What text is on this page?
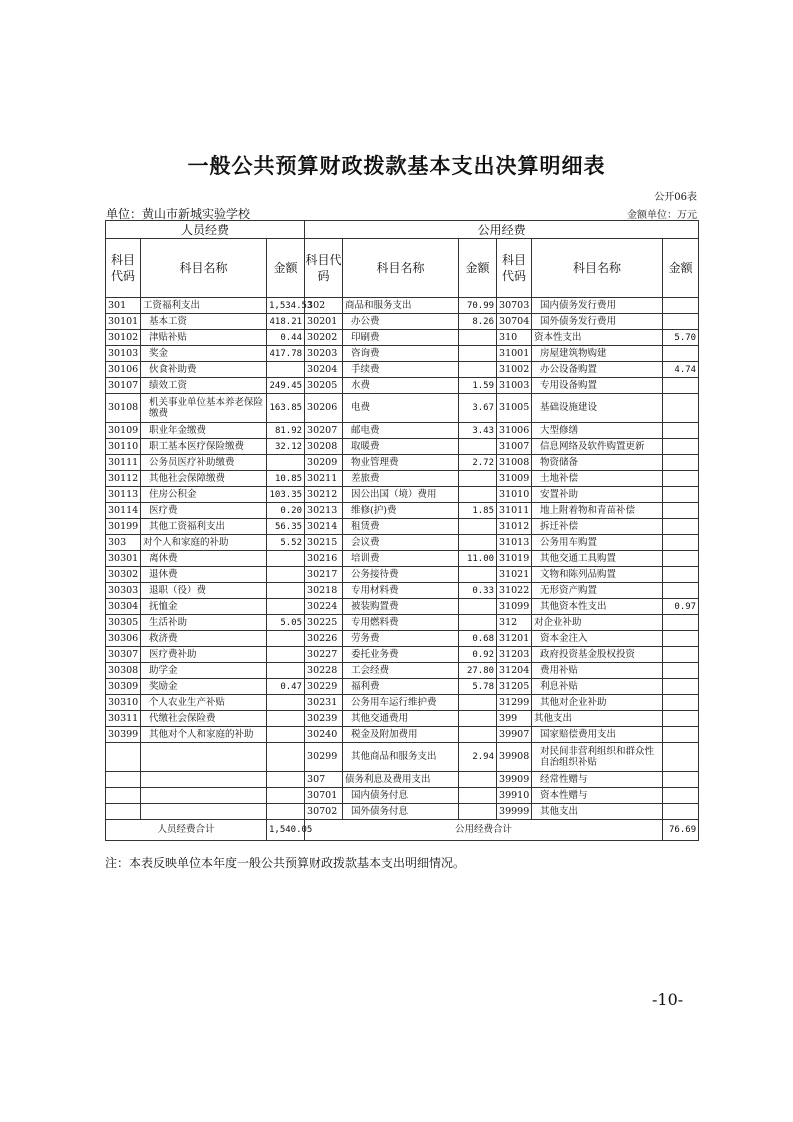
一般公共预算财政拨款基本支出决算明细表
公开06表
单位：黄山市新城实验学校	金额单位：万元
人员经费			公用经费					
科目代码	科目名称	金额	科目代码	科目名称	金额	科目代码	科目名称	金额
301	工资福利支出	1,534.53	302	商品和服务支出	70.99	30703	国内债务发行费用	
30101	基本工资	418.21	30201	办公费	8.26	30704	国外债务发行费用	
30102	津贴补贴	0.44	30202	印刷费		310	资本性支出	5.70
30103	奖金	417.78	30203	咨询费		31001	房屋建筑物购建	
30106	伙食补助费		30204	手续费		31002	办公设备购置	4.74
30107	绩效工资	249.45	30205	水费	1.59	31003	专用设备购置	
30108	机关事业单位基本养老保险缴费	163.85	30206	电费	3.67	31005	基础设施建设	
30109	职业年金缴费	81.92	30207	邮电费	3.43	31006	大型修缮	
30110	职工基本医疗保险缴费	32.12	30208	取暖费		31007	信息网络及软件购置更新	
30111	公务员医疗补助缴费		30209	物业管理费	2.72	31008	物资储备	
30112	其他社会保障缴费	10.85	30211	差旅费		31009	土地补偿	
30113	住房公积金	103.35	30212	因公出国（境）费用		31010	安置补助	
30114	医疗费	0.20	30213	维修(护)费	1.85	31011	地上附着物和青苗补偿	
30199	其他工资福利支出	56.35	30214	租赁费		31012	拆迁补偿	
303	对个人和家庭的补助	5.52	30215	会议费		31013	公务用车购置	
30301	离休费		30216	培训费	11.00	31019	其他交通工具购置	
30302	退休费		30217	公务接待费		31021	文物和陈列品购置	
30303	退职（役）费		30218	专用材料费	0.33	31022	无形资产购置	
30304	抚恤金		30224	被装购置费		31099	其他资本性支出	0.97
30305	生活补助	5.05	30225	专用燃料费		312	对企业补助	
30306	救济费		30226	劳务费	0.68	31201	资本金注入	
30307	医疗费补助		30227	委托业务费	0.92	31203	政府投资基金股权投资	
30308	助学金		30228	工会经费	27.80	31204	费用补贴	
30309	奖励金	0.47	30229	福利费	5.78	31205	利息补贴	
30310	个人农业生产补贴		30231	公务用车运行维护费		31299	其他对企业补助	
30311	代缴社会保险费		30239	其他交通费用		399	其他支出	
30399	其他对个人和家庭的补助		30240	税金及附加费用		39907	国家赔偿费用支出	
			30299	其他商品和服务支出	2.94	39908	对民间非营利组织和群众性自治组织补贴	
			307	债务利息及费用支出		39909	经常性赠与	
			30701	国内债务付息		39910	资本性赠与	
			30702	国外债务付息		39999	其他支出	
人员经费合计		1,540.05	公用经费合计					76.69
注：本表反映单位本年度一般公共预算财政拨款基本支出明细情况。
-10-
